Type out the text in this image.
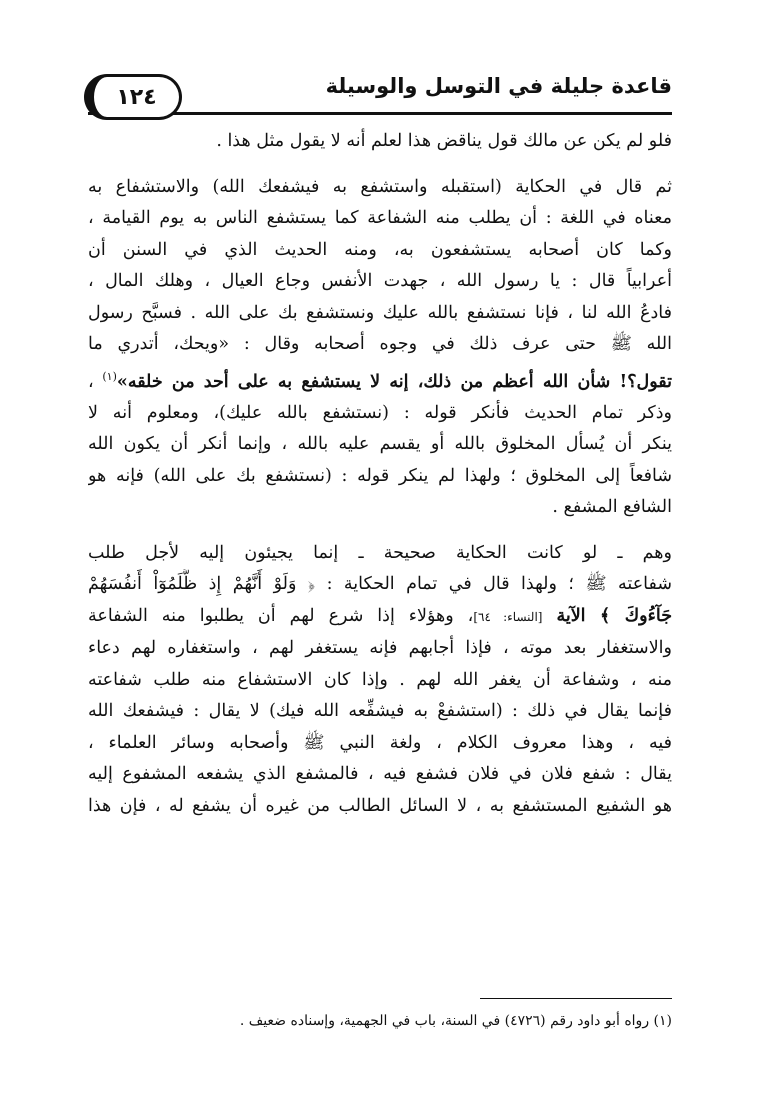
قاعدة جليلة في التوسل والوسيلة
١٢٤

فلو لم يكن عن مالك قول يناقض هذا لعلم أنه لا يقول مثل هذا .

ثم قال في الحكاية (استقبله واستشفع به فيشفعك الله) والاستشفاع به
معناه في اللغة : أن يطلب منه الشفاعة كما يستشفع الناس به يوم القيامة ،
وكما كان أصحابه يستشفعون به، ومنه الحديث الذي في السنن أن
أعرابياً قال : يا رسول الله ، جهدت الأنفس وجاع العيال ، وهلك المال ،
فادعُ الله لنا ، فإنا نستشفع بالله عليك ونستشفع بك على الله . فسبَّح رسول
الله ﷺ حتى عرف ذلك في وجوه أصحابه وقال : «ويحك، أتدري ما
تقول؟! شأن الله أعظم من ذلك، إنه لا يستشفع به على أحد من خلقه»$^{(١)}$ ،
وذكر تمام الحديث فأنكر قوله : (نستشفع بالله عليك)، ومعلوم أنه لا
ينكر أن يُسأل المخلوق بالله أو يقسم عليه بالله ، وإنما أنكر أن يكون الله
شافعاً إلى المخلوق ؛ ولهذا لم ينكر قوله : (نستشفع بك على الله) فإنه هو
الشافع المشفع .

وهم ـ لو كانت الحكاية صحيحة ـ إنما يجيئون إليه لأجل طلب
شفاعته ﷺ ؛ ولهذا قال في تمام الحكاية : ﴿ وَلَوْ أَنَّهُمْ إِذ ظَّلَمُوٓاْ أَنفُسَهُمْ
جَآءُوكَ ﴾ الآية [النساء: ٦٤]، وهؤلاء إذا شرع لهم أن يطلبوا منه الشفاعة
والاستغفار بعد موته ، فإذا أجابهم فإنه يستغفر لهم ، واستغفاره لهم دعاء
منه ، وشفاعة أن يغفر الله لهم . وإذا كان الاستشفاع منه طلب شفاعته
فإنما يقال في ذلك : (استشفعْ به فيشفِّعه الله فيك) لا يقال : فيشفعك الله
فيه ، وهذا معروف الكلام ، ولغة النبي ﷺ وأصحابه وسائر العلماء ،
يقال : شفع فلان في فلان فشفع فيه ، فالمشفع الذي يشفعه المشفوع إليه
هو الشفيع المستشفع به ، لا السائل الطالب من غيره أن يشفع له ، فإن هذا

(١) رواه أبو داود رقم (٤٧٢٦) في السنة، باب في الجهمية، وإسناده ضعيف .
